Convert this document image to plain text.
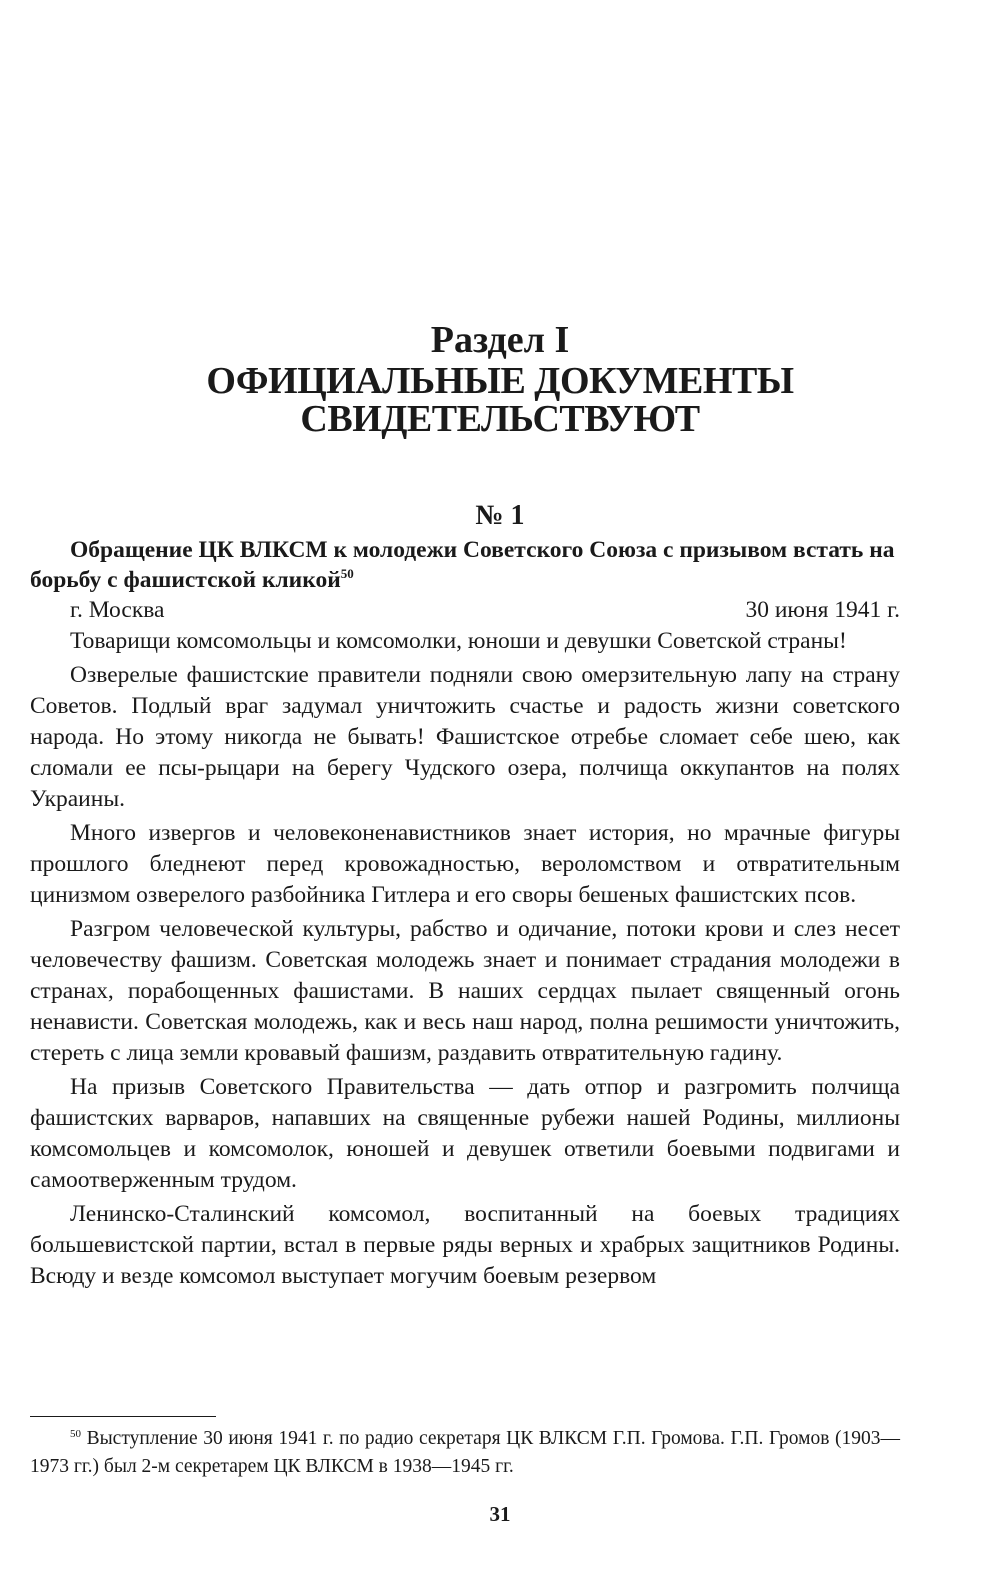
Раздел I
ОФИЦИАЛЬНЫЕ ДОКУМЕНТЫ
СВИДЕТЕЛЬСТВУЮТ
№ 1
Обращение ЦК ВЛКСМ к молодежи Советского Союза с призывом встать на борьбу с фашистской кликой$^{50}$
г. Москва	30 июня 1941 г.

Товарищи комсомольцы и комсомолки, юноши и девушки Советской страны!

Озверелые фашистские правители подняли свою омерзительную лапу на страну Советов. Подлый враг задумал уничтожить счастье и радость жизни советского народа. Но этому никогда не бывать! Фашистское отребье сломает себе шею, как сломали ее псы-рыцари на берегу Чудского озера, полчища оккупантов на полях Украины.

Много извергов и человеконенавистников знает история, но мрачные фигуры прошлого бледнеют перед кровожадностью, вероломством и отвратительным цинизмом озверелого разбойника Гитлера и его своры бешеных фашистских псов.

Разгром человеческой культуры, рабство и одичание, потоки крови и слез несет человечеству фашизм. Советская молодежь знает и понимает страдания молодежи в странах, порабощенных фашистами. В наших сердцах пылает священный огонь ненависти. Советская молодежь, как и весь наш народ, полна решимости уничтожить, стереть с лица земли кровавый фашизм, раздавить отвратительную гадину.

На призыв Советского Правительства — дать отпор и разгромить полчища фашистских варваров, напавших на священные рубежи нашей Родины, миллионы комсомольцев и комсомолок, юношей и девушек ответили боевыми подвигами и самоотверженным трудом.

Ленинско-Сталинский комсомол, воспитанный на боевых традициях большевистской партии, встал в первые ряды верных и храбрых защитников Родины. Всюду и везде комсомол выступает могучим боевым резервом

$^{50}$ Выступление 30 июня 1941 г. по радио секретаря ЦК ВЛКСМ Г.П. Громова. Г.П. Громов (1903—1973 гг.) был 2-м секретарем ЦК ВЛКСМ в 1938—1945 гг.
31
